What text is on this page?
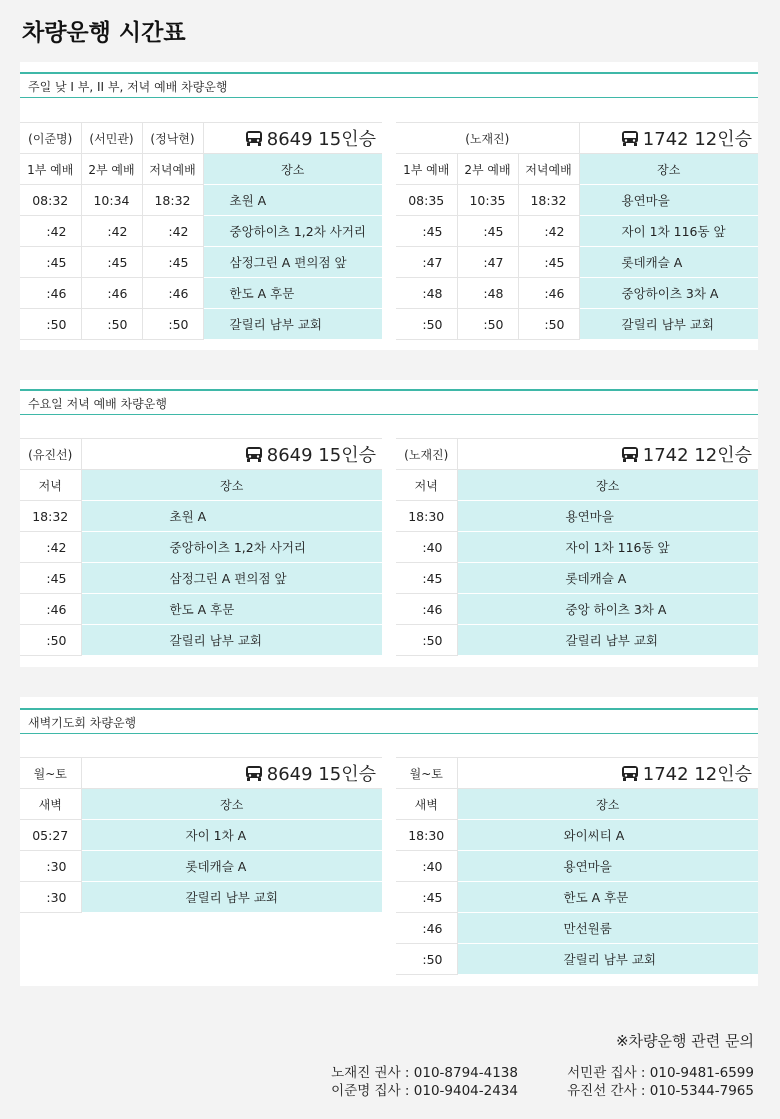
차량운행 시간표
주일 낮 I 부, II 부, 저녁 예배 차량운행
(이준명)	(서민관)	(정낙현)	8649 15인승
1부 예배	2부 예배	저녁예배	장소
08:32	10:34	18:32	초원 A
:42	:42	:42	중앙하이츠 1,2차 사거리
:45	:45	:45	삼정그린 A 편의점 앞
:46	:46	:46	한도 A 후문
:50	:50	:50	갈릴리 남부 교회
(노재진)			1742 12인승
1부 예배	2부 예배	저녁예배	장소
08:35	10:35	18:32	용연마을
:45	:45	:42	자이 1차 116동 앞
:47	:47	:45	롯데캐슬 A
:48	:48	:46	중앙하이츠 3차 A
:50	:50	:50	갈릴리 남부 교회
수요일 저녁 예배 차량운행
(유진선)	8649 15인승
저녁	장소
18:32	초원 A
:42	중앙하이츠 1,2차 사거리
:45	삼정그린 A 편의점 앞
:46	한도 A 후문
:50	갈릴리 남부 교회
(노재진)	1742 12인승
저녁	장소
18:30	용연마을
:40	자이 1차 116동 앞
:45	롯데캐슬 A
:46	중앙 하이츠 3차 A
:50	갈릴리 남부 교회
새벽기도회 차량운행
월~토	8649 15인승
새벽	장소
05:27	자이 1차 A
:30	롯데캐슬 A
:30	갈릴리 남부 교회
월~토	1742 12인승
새벽	장소
18:30	와이씨티 A
:40	용연마을
:45	한도 A 후문
:46	만선원룸
:50	갈릴리 남부 교회
※차량운행 관련 문의
노재진 권사 : 010-8794-4138
이준명 집사 : 010-9404-2434
서민관 집사 : 010-9481-6599
유진선 간사 : 010-5344-7965
